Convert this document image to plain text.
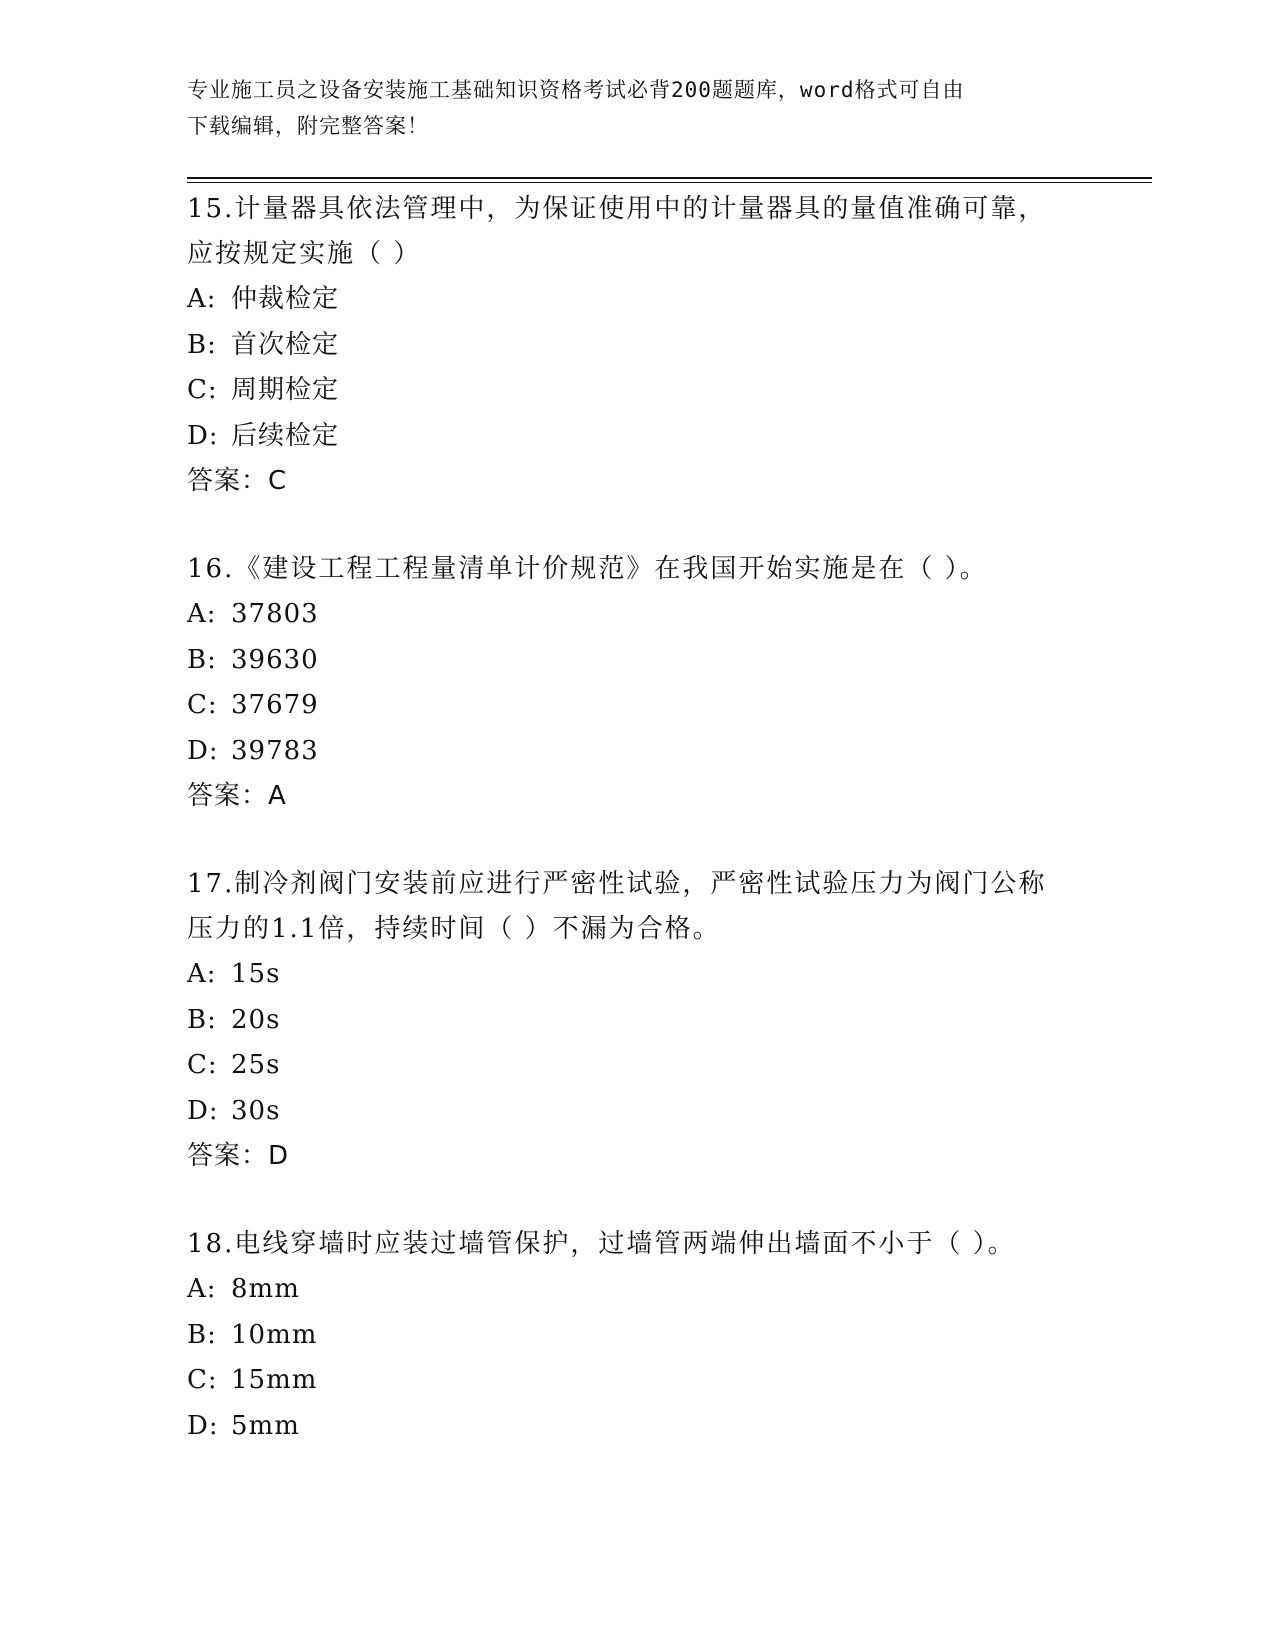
专业施工员之设备安装施工基础知识资格考试必背200题题库，word格式可自由
下载编辑，附完整答案！
15.计量器具依法管理中，为保证使用中的计量器具的量值准确可靠，
应按规定实施（ ）
A: 仲裁检定
B: 首次检定
C: 周期检定
D: 后续检定
答案：C
16.《建设工程工程量清单计价规范》在我国开始实施是在（ ）。
A: 37803
B: 39630
C: 37679
D: 39783
答案：A
17.制冷剂阀门安装前应进行严密性试验，严密性试验压力为阀门公称
压力的1.1倍，持续时间（ ）不漏为合格。
A: 15s
B: 20s
C: 25s
D: 30s
答案：D
18.电线穿墙时应装过墙管保护，过墙管两端伸出墙面不小于（ ）。
A: 8mm
B: 10mm
C: 15mm
D: 5mm
